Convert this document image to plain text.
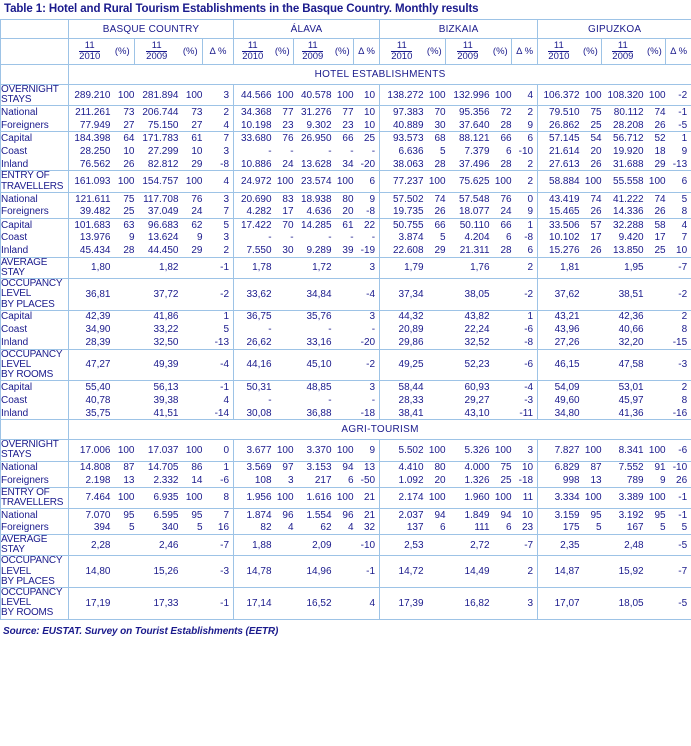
Table 1: Hotel and Rural Tourism Establishments in the Basque Country. Monthly results
	BASQUE COUNTRY					ÁLAVA					BIZKAIA					GIPUZKOA				

	$\frac{11}{2010}$	(%)	$\frac{11}{2009}$	(%)	Δ %	$\frac{11}{2010}$	(%)	$\frac{11}{2009}$	(%)	Δ %	$\frac{11}{2010}$	(%)	$\frac{11}{2009}$	(%)	Δ %	$\frac{11}{2010}$	(%)	$\frac{11}{2009}$	(%)	Δ %
	HOTEL ESTABLISHMENTS																			

OVERNIGHT
STAYS	289.210	100	281.894	100	3	44.566	100	40.578	100	10	138.272	100	132.996	100	4	106.372	100	108.320	100	-2
National	211.261	73	206.744	73	2	34.368	77	31.276	77	10	97.383	70	95.356	72	2	79.510	75	80.112	74	-1
Foreigners	77.949	27	75.150	27	4	10.198	23	9.302	23	10	40.889	30	37.640	28	9	26.862	25	28.208	26	-5
Capital	184.398	64	171.783	61	7	33.680	76	26.950	66	25	93.573	68	88.121	66	6	57.145	54	56.712	52	1
Coast	28.250	10	27.299	10	3	-	-	-	-	-	6.636	5	7.379	6	-10	21.614	20	19.920	18	9
Inland	76.562	26	82.812	29	-8	10.886	24	13.628	34	-20	38.063	28	37.496	28	2	27.613	26	31.688	29	-13

ENTRY OF
TRAVELLERS	161.093	100	154.757	100	4	24.972	100	23.574	100	6	77.237	100	75.625	100	2	58.884	100	55.558	100	6
National	121.611	75	117.708	76	3	20.690	83	18.938	80	9	57.502	74	57.548	76	0	43.419	74	41.222	74	5
Foreigners	39.482	25	37.049	24	7	4.282	17	4.636	20	-8	19.735	26	18.077	24	9	15.465	26	14.336	26	8
Capital	101.683	63	96.683	62	5	17.422	70	14.285	61	22	50.755	66	50.110	66	1	33.506	57	32.288	58	4
Coast	13.976	9	13.624	9	3	-	-	-	-	-	3.874	5	4.204	6	-8	10.102	17	9.420	17	7
Inland	45.434	28	44.450	29	2	7.550	30	9.289	39	-19	22.608	29	21.311	28	6	15.276	26	13.850	25	10

AVERAGE
STAY	1,80		1,82		-1	1,78		1,72		3	1,79		1,76		2	1,81		1,95		-7

OCCUPANCY
LEVEL
BY PLACES	36,81		37,72		-2	33,62		34,84		-4	37,34		38,05		-2	37,62		38,51		-2
Capital	42,39		41,86		1	36,75		35,76		3	44,32		43,82		1	43,21		42,36		2
Coast	34,90		33,22		5	-		-		-	20,89		22,24		-6	43,96		40,66		8
Inland	28,39		32,50		-13	26,62		33,16		-20	29,86		32,52		-8	27,26		32,20		-15

OCCUPANCY
LEVEL
BY ROOMS	47,27		49,39		-4	44,16		45,10		-2	49,25		52,23		-6	46,15		47,58		-3
Capital	55,40		56,13		-1	50,31		48,85		3	58,44		60,93		-4	54,09		53,01		2
Coast	40,78		39,38		4	-		-		-	28,33		29,27		-3	49,60		45,97		8
Inland	35,75		41,51		-14	30,08		36,88		-18	38,41		43,10		-11	34,80		41,36		-16
	AGRI-TOURISM																			

OVERNIGHT
STAYS	17.006	100	17.037	100	0	3.677	100	3.370	100	9	5.502	100	5.326	100	3	7.827	100	8.341	100	-6
National	14.808	87	14.705	86	1	3.569	97	3.153	94	13	4.410	80	4.000	75	10	6.829	87	7.552	91	-10
Foreigners	2.198	13	2.332	14	-6	108	3	217	6	-50	1.092	20	1.326	25	-18	998	13	789	9	26

ENTRY OF
TRAVELLERS	7.464	100	6.935	100	8	1.956	100	1.616	100	21	2.174	100	1.960	100	11	3.334	100	3.389	100	-1
National	7.070	95	6.595	95	7	1.874	96	1.554	96	21	2.037	94	1.849	94	10	3.159	95	3.192	95	-1
Foreigners	394	5	340	5	16	82	4	62	4	32	137	6	111	6	23	175	5	167	5	5

AVERAGE
STAY	2,28		2,46		-7	1,88		2,09		-10	2,53		2,72		-7	2,35		2,48		-5

OCCUPANCY
LEVEL
BY PLACES	14,80		15,26		-3	14,78		14,96		-1	14,72		14,49		2	14,87		15,92		-7

OCCUPANCY
LEVEL
BY ROOMS	17,19		17,33		-1	17,14		16,52		4	17,39		16,82		3	17,07		18,05		-5
Source: EUSTAT. Survey on Tourist Establishments (EETR)
